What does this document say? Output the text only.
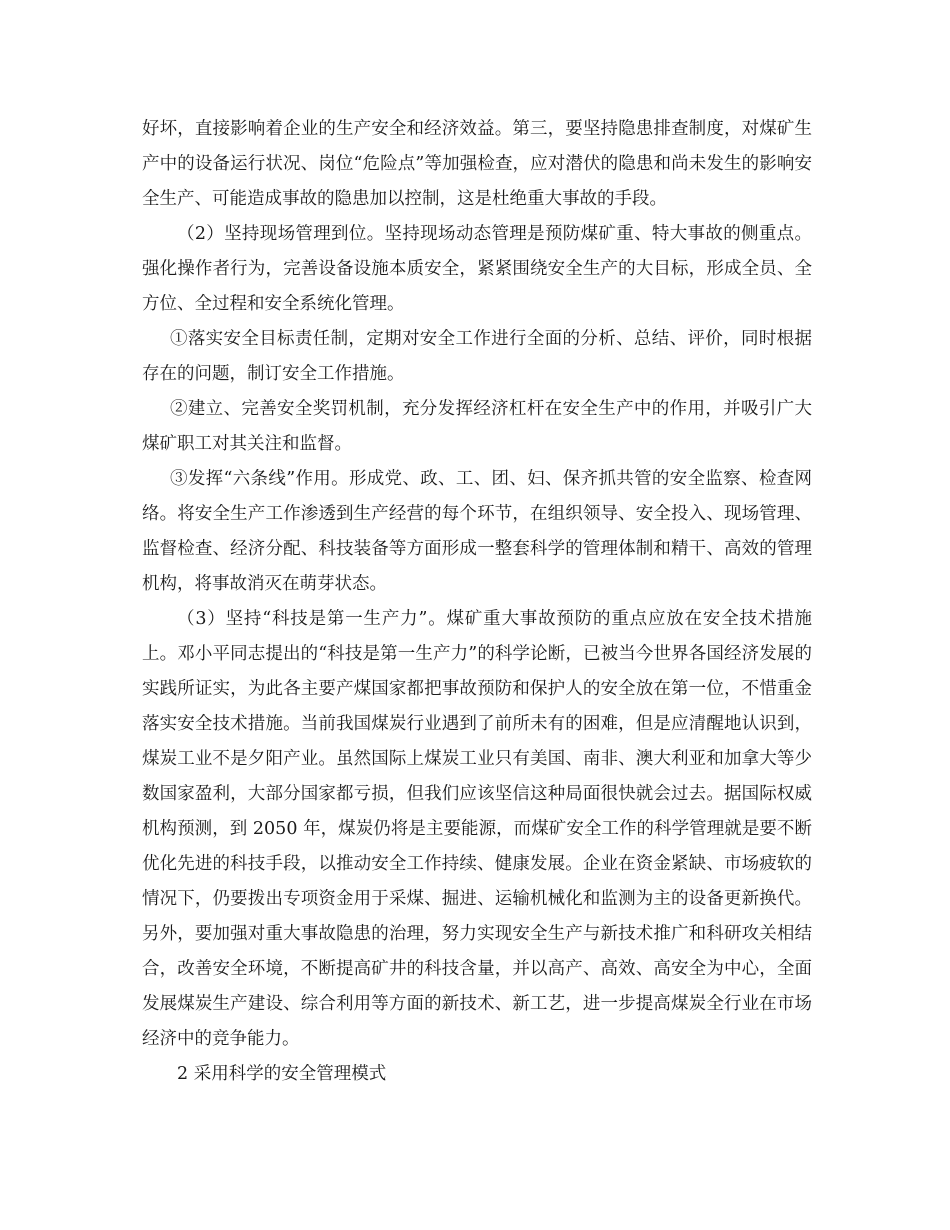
好坏，直接影响着企业的生产安全和经济效益。第三，要坚持隐患排查制度，对煤矿生产中的设备运行状况、岗位“危险点”等加强检查，应对潜伏的隐患和尚未发生的影响安全生产、可能造成事故的隐患加以控制，这是杜绝重大事故的手段。

（2）坚持现场管理到位。坚持现场动态管理是预防煤矿重、特大事故的侧重点。强化操作者行为，完善设备设施本质安全，紧紧围绕安全生产的大目标，形成全员、全方位、全过程和安全系统化管理。

①落实安全目标责任制，定期对安全工作进行全面的分析、总结、评价，同时根据存在的问题，制订安全工作措施。

②建立、完善安全奖罚机制，充分发挥经济杠杆在安全生产中的作用，并吸引广大煤矿职工对其关注和监督。

③发挥“六条线”作用。形成党、政、工、团、妇、保齐抓共管的安全监察、检查网络。将安全生产工作渗透到生产经营的每个环节，在组织领导、安全投入、现场管理、监督检查、经济分配、科技装备等方面形成一整套科学的管理体制和精干、高效的管理机构，将事故消灭在萌芽状态。

（3）坚持“科技是第一生产力”。煤矿重大事故预防的重点应放在安全技术措施上。邓小平同志提出的“科技是第一生产力”的科学论断，已被当今世界各国经济发展的实践所证实，为此各主要产煤国家都把事故预防和保护人的安全放在第一位，不惜重金落实安全技术措施。当前我国煤炭行业遇到了前所未有的困难，但是应清醒地认识到，煤炭工业不是夕阳产业。虽然国际上煤炭工业只有美国、南非、澳大利亚和加拿大等少数国家盈利，大部分国家都亏损，但我们应该坚信这种局面很快就会过去。据国际权威机构预测，到 2050 年，煤炭仍将是主要能源，而煤矿安全工作的科学管理就是要不断优化先进的科技手段，以推动安全工作持续、健康发展。企业在资金紧缺、市场疲软的情况下，仍要拨出专项资金用于采煤、掘进、运输机械化和监测为主的设备更新换代。另外，要加强对重大事故隐患的治理，努力实现安全生产与新技术推广和科研攻关相结合，改善安全环境，不断提高矿井的科技含量，并以高产、高效、高安全为中心，全面发展煤炭生产建设、综合利用等方面的新技术、新工艺，进一步提高煤炭全行业在市场经济中的竞争能力。

2 采用科学的安全管理模式
